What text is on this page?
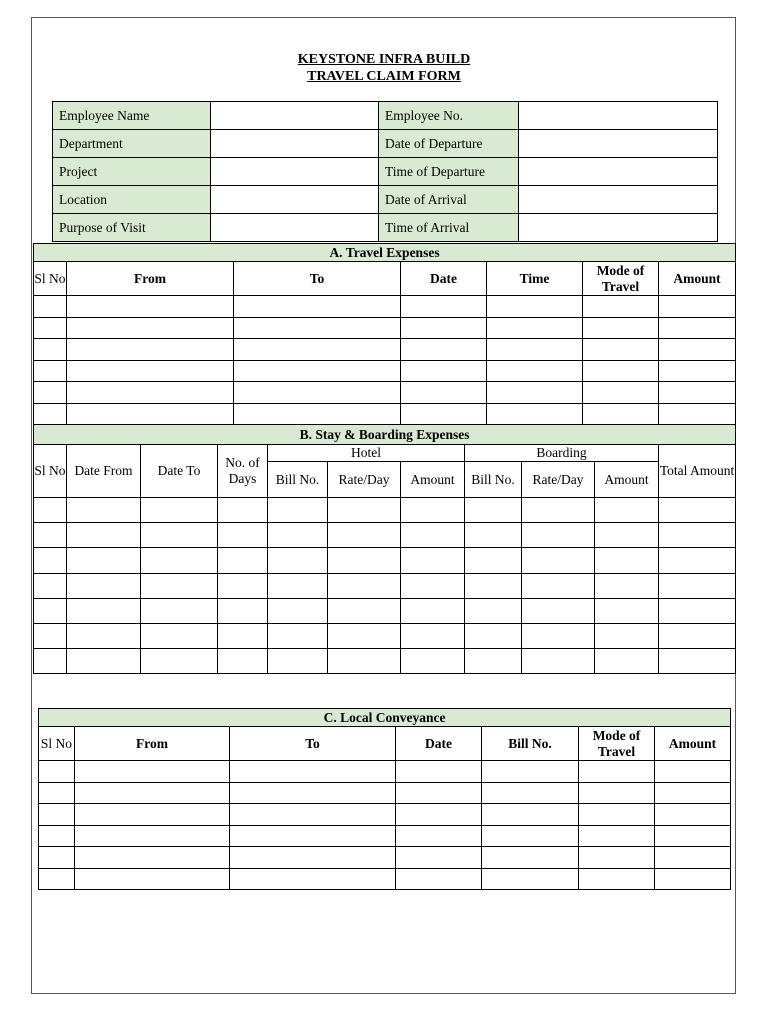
KEYSTONE INFRA BUILD
TRAVEL CLAIM FORM
Employee Name		Employee No.	
Department		Date of Departure	
Project		Time of Departure	
Location		Date of Arrival	
Purpose of Visit		Time of Arrival	
A. Travel Expenses						
Sl No	From	To	Date	Time	Mode of Travel	Amount

B. Stay & Boarding Expenses										
Sl No	Date From	Date To	No. of Days	Hotel			Boarding			Total Amount
				Bill No.	Rate/Day	Amount	Bill No.	Rate/Day	Amount	

C. Local Conveyance						
Sl No	From	To	Date	Bill No.	Mode of Travel	Amount
